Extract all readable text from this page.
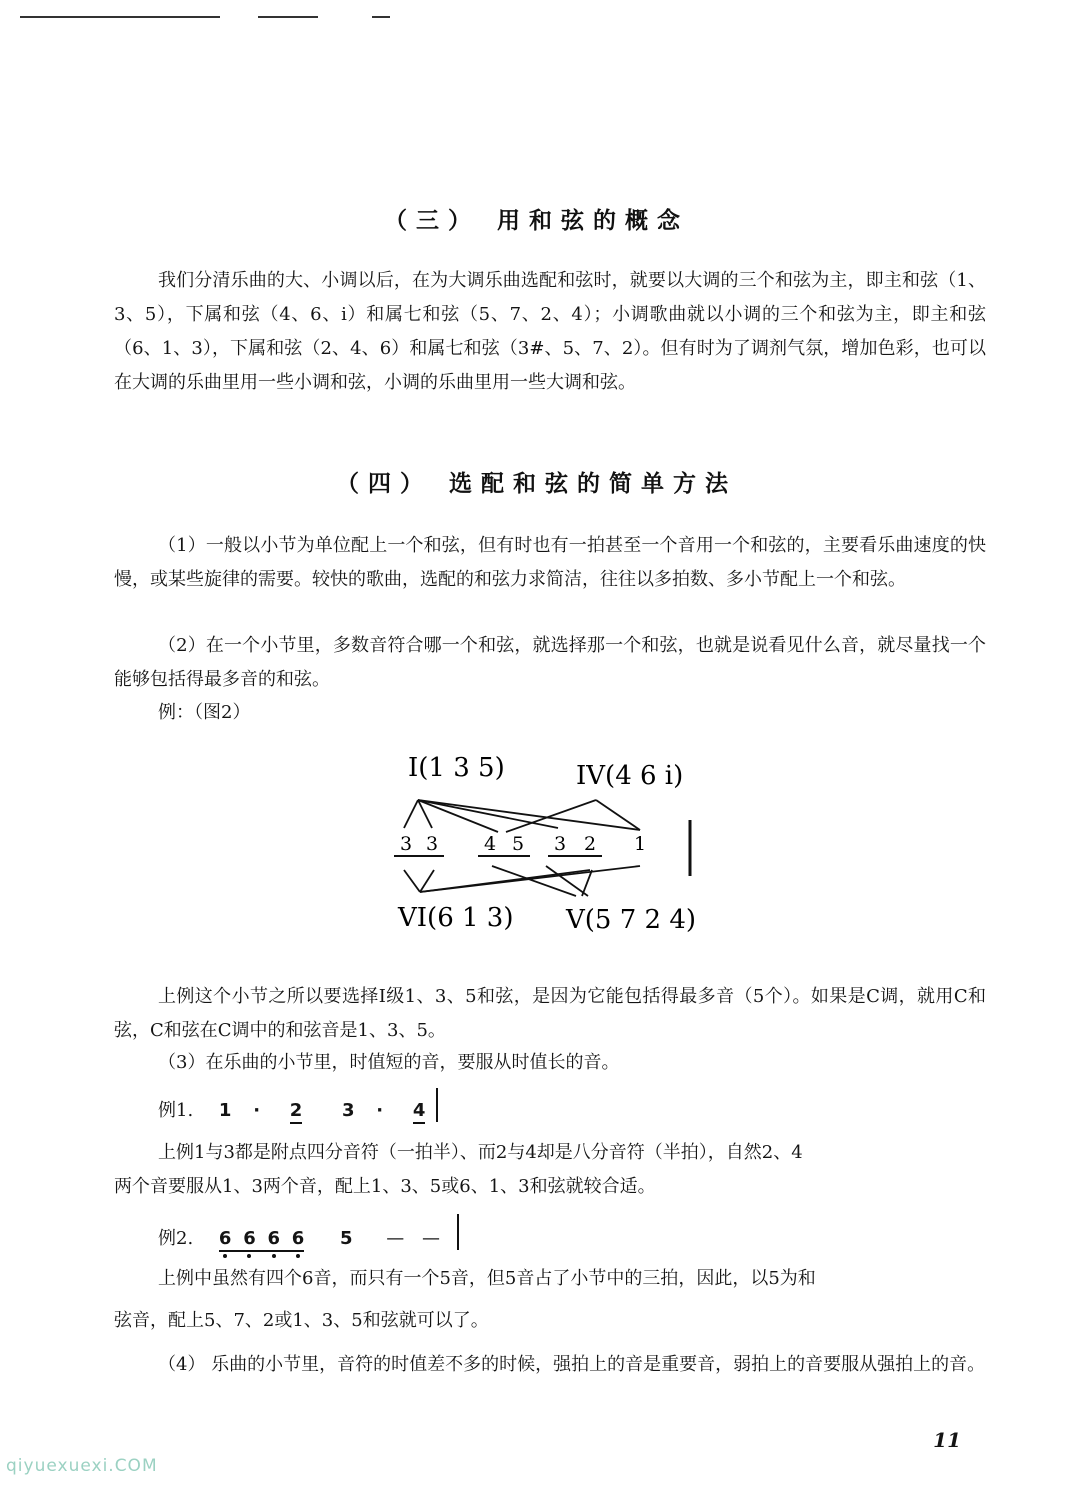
（三） 用和弦的概念

我们分清乐曲的大、小调以后，在为大调乐曲选配和弦时，就要以大调的三个和弦为主，即主和弦（1、3、5），下属和弦（4、6、i）和属七和弦（5、7、2、4）；小调歌曲就以小调的三个和弦为主，即主和弦（6、1、3），下属和弦（2、4、6）和属七和弦（3#、5、7、2）。但有时为了调剂气氛，增加色彩，也可以在大调的乐曲里用一些小调和弦，小调的乐曲里用一些大调和弦。

（四） 选配和弦的简单方法

（1）一般以小节为单位配上一个和弦，但有时也有一拍甚至一个音用一个和弦的，主要看乐曲速度的快慢，或某些旋律的需要。较快的歌曲，选配的和弦力求简洁，往往以多拍数、多小节配上一个和弦。

（2）在一个小节里，多数音符合哪一个和弦，就选择那一个和弦，也就是说看见什么音，就尽量找一个能够包括得最多音的和弦。

例：（图2）
I(1 3 5)	IV(4 6 i)
VI(6 1 3) V(5 7 2 4)
3 3 4 5 3 2 1

上例这个小节之所以要选择Ⅰ级1、3、5和弦，是因为它能包括得最多音（5个）。如果是C调，就用C和弦，C和弦在C调中的和弦音是1、3、5。

（3）在乐曲的小节里，时值短的音，要服从时值长的音。
例1. 1 · 2 3 · 4
上例1与3都是附点四分音符（一拍半）、而2与4却是八分音符（半拍），自然2、4
两个音要服从1、3两个音，配上1、3、5或6、1、3和弦就较合适。
例2. 6 6 6 6 5 — —
上例中虽然有四个6音，而只有一个5音，但5音占了小节中的三拍，因此，以5为和
弦音，配上5、7、2或1、3、5和弦就可以了。

（4） 乐曲的小节里，音符的时值差不多的时候，强拍上的音是重要音，弱拍上的音要服从强拍上的音。

11
qiyuexuexi.COM
